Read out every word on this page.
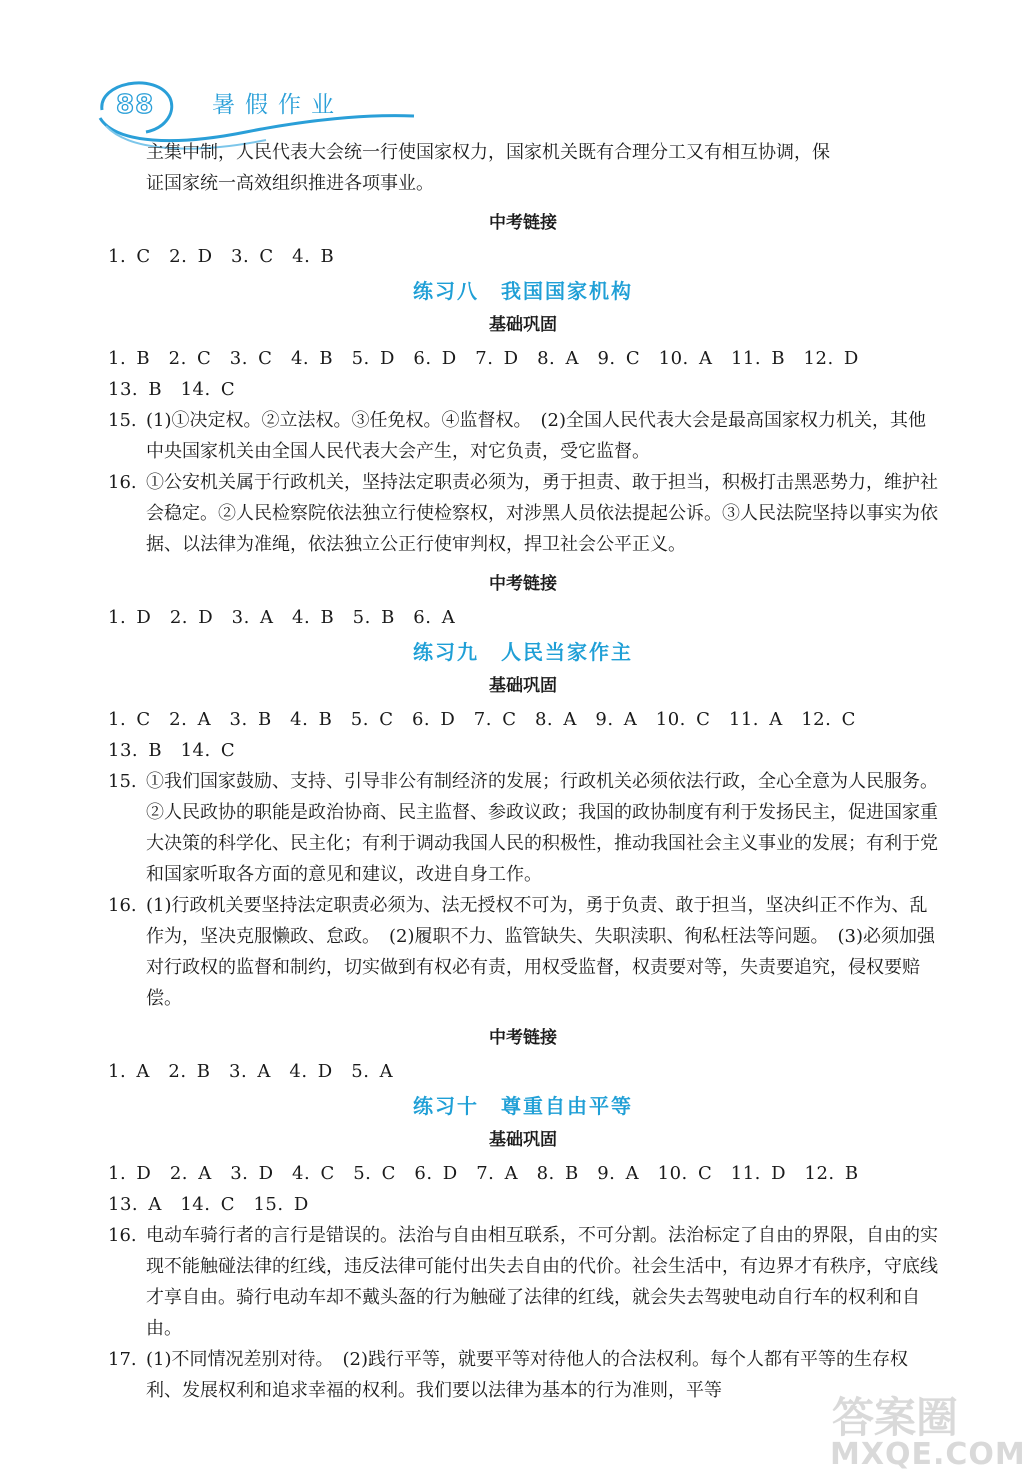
88	暑假作业

主集中制，人民代表大会统一行使国家权力，国家机关既有合理分工又有相互协调，保

证国家统一高效组织推进各项事业。

中考链接

1. C　2. D　3. C　4. B

练习八　我国国家机构
基础巩固

1. B　2. C　3. C　4. B　5. D　6. D　7. D　8. A　9. C　10. A　11. B　12. D

13. B　14. C

15. (1)①决定权。②立法权。③任免权。④监督权。　(2)全国人民代表大会是最高国家权力机关，其他中央国家机关由全国人民代表大会产生，对它负责，受它监督。
16. ①公安机关属于行政机关，坚持法定职责必须为，勇于担责、敢于担当，积极打击黑恶势力，维护社会稳定。②人民检察院依法独立行使检察权，对涉黑人员依法提起公诉。③人民法院坚持以事实为依据、以法律为准绳，依法独立公正行使审判权，捍卫社会公平正义。
中考链接

1. D　2. D　3. A　4. B　5. B　6. A

练习九　人民当家作主
基础巩固

1. C　2. A　3. B　4. B　5. C　6. D　7. C　8. A　9. A　10. C　11. A　12. C

13. B　14. C

15. ①我们国家鼓励、支持、引导非公有制经济的发展；行政机关必须依法行政，全心全意为人民服务。②人民政协的职能是政治协商、民主监督、参政议政；我国的政协制度有利于发扬民主，促进国家重大决策的科学化、民主化；有利于调动我国人民的积极性，推动我国社会主义事业的发展；有利于党和国家听取各方面的意见和建议，改进自身工作。
16. (1)行政机关要坚持法定职责必须为、法无授权不可为，勇于负责、敢于担当，坚决纠正不作为、乱作为，坚决克服懒政、怠政。　(2)履职不力、监管缺失、失职渎职、徇私枉法等问题。　(3)必须加强对行政权的监督和制约，切实做到有权必有责，用权受监督，权责要对等，失责要追究，侵权要赔偿。
中考链接

1. A　2. B　3. A　4. D　5. A

练习十　尊重自由平等
基础巩固

1. D　2. A　3. D　4. C　5. C　6. D　7. A　8. B　9. A　10. C　11. D　12. B

13. A　14. C　15. D

16. 电动车骑行者的言行是错误的。法治与自由相互联系，不可分割。法治标定了自由的界限，自由的实现不能触碰法律的红线，违反法律可能付出失去自由的代价。社会生活中，有边界才有秩序，守底线才享自由。骑行电动车却不戴头盔的行为触碰了法律的红线，就会失去驾驶电动自行车的权利和自由。
17. (1)不同情况差别对待。　(2)践行平等，就要平等对待他人的合法权利。每个人都有平等的生存权利、发展权利和追求幸福的权利。我们要以法律为基本的行为准则，平等
答案圈
MXQE.COM
